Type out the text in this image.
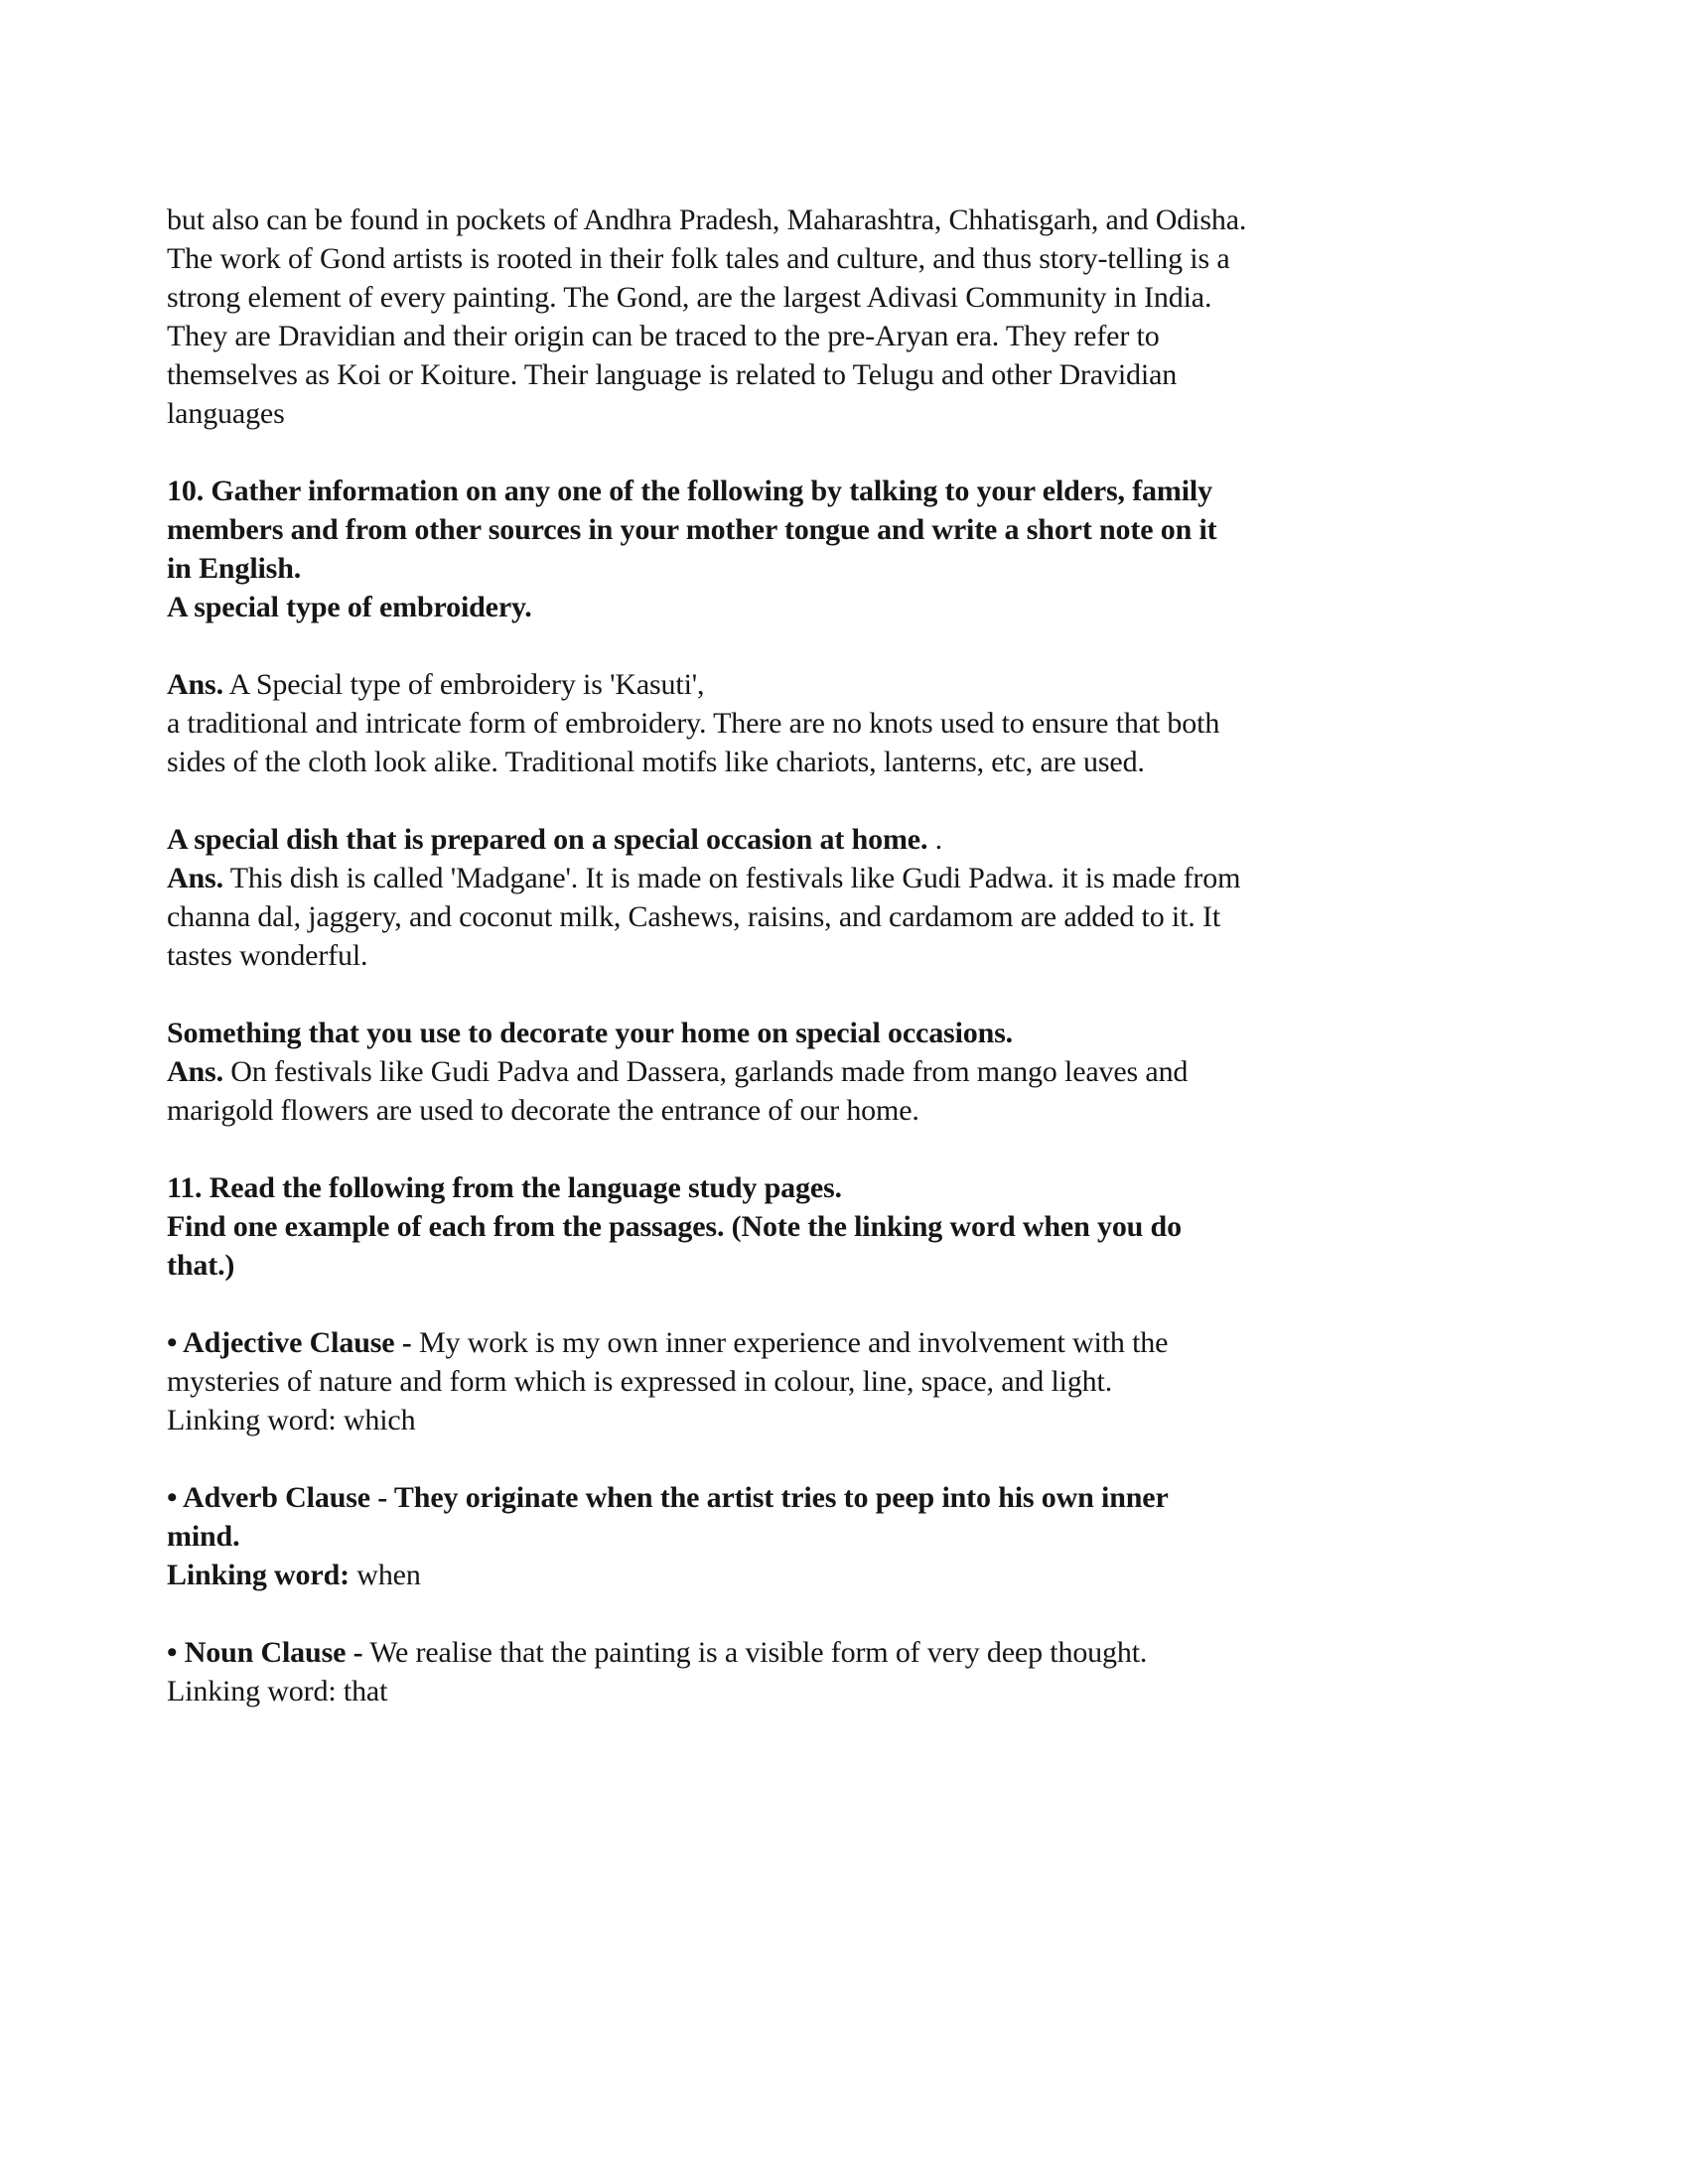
but also can be found in pockets of Andhra Pradesh, Maharashtra, Chhatisgarh, and Odisha.
The work of Gond artists is rooted in their folk tales and culture, and thus story-telling is a
strong element of every painting. The Gond, are the largest Adivasi Community in India.
They are Dravidian and their origin can be traced to the pre-Aryan era. They refer to
themselves as Koi or Koiture. Their language is related to Telugu and other Dravidian
languages

10. Gather information on any one of the following by talking to your elders, family
members and from other sources in your mother tongue and write a short note on it
in English.
A special type of embroidery.

Ans. A Special type of embroidery is 'Kasuti',
a traditional and intricate form of embroidery. There are no knots used to ensure that both
sides of the cloth look alike. Traditional motifs like chariots, lanterns, etc, are used.

A special dish that is prepared on a special occasion at home. .
Ans. This dish is called 'Madgane'. It is made on festivals like Gudi Padwa. it is made from
channa dal, jaggery, and coconut milk, Cashews, raisins, and cardamom are added to it. It
tastes wonderful.

Something that you use to decorate your home on special occasions.
Ans. On festivals like Gudi Padva and Dassera, garlands made from mango leaves and
marigold flowers are used to decorate the entrance of our home.

11. Read the following from the language study pages.
Find one example of each from the passages. (Note the linking word when you do
that.)

• Adjective Clause - My work is my own inner experience and involvement with the
mysteries of nature and form which is expressed in colour, line, space, and light.
Linking word: which

• Adverb Clause - They originate when the artist tries to peep into his own inner
mind.
Linking word: when

• Noun Clause - We realise that the painting is a visible form of very deep thought.
Linking word: that
